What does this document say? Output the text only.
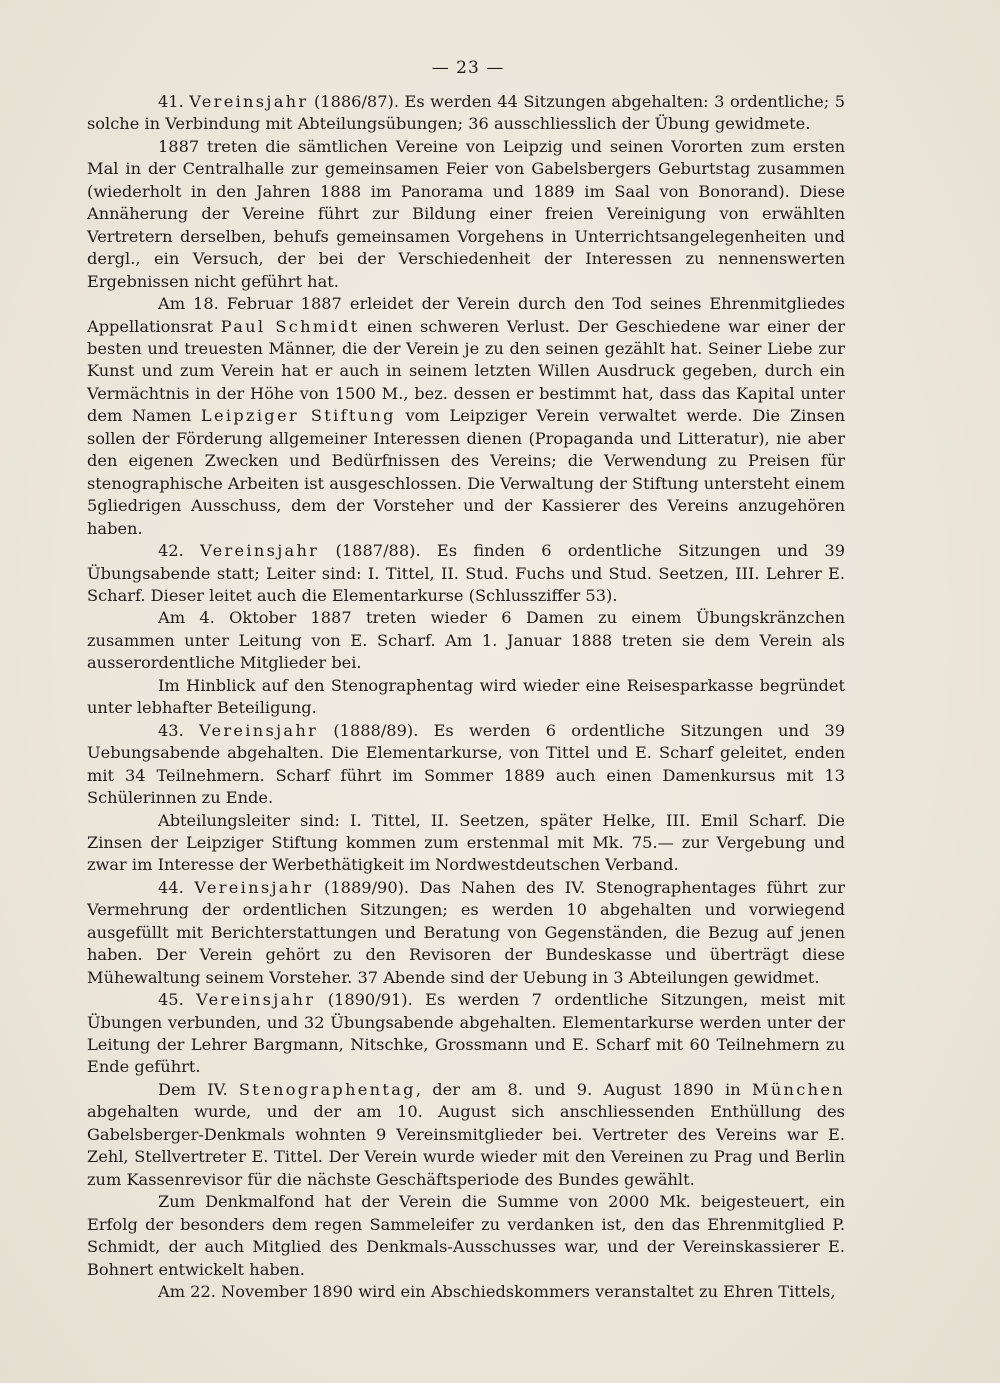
— 23 —

41. Vereinsjahr (1886/87). Es werden 44 Sitzungen abgehalten: 3 ordentliche; 5 solche in Verbindung mit Abteilungsübungen; 36 ausschliesslich der Übung gewidmete.

1887 treten die sämtlichen Vereine von Leipzig und seinen Vororten zum ersten Mal in der Centralhalle zur gemeinsamen Feier von Gabelsbergers Geburtstag zusammen (wiederholt in den Jahren 1888 im Panorama und 1889 im Saal von Bonorand). Diese Annäherung der Vereine führt zur Bildung einer freien Vereinigung von erwählten Vertretern derselben, behufs gemeinsamen Vorgehens in Unterrichtsangelegenheiten und dergl., ein Versuch, der bei der Verschiedenheit der Interessen zu nennenswerten Ergebnissen nicht geführt hat.

Am 18. Februar 1887 erleidet der Verein durch den Tod seines Ehrenmitgliedes Appellationsrat Paul Schmidt einen schweren Verlust. Der Geschiedene war einer der besten und treuesten Männer, die der Verein je zu den seinen gezählt hat. Seiner Liebe zur Kunst und zum Verein hat er auch in seinem letzten Willen Ausdruck gegeben, durch ein Vermächtnis in der Höhe von 1500 M., bez. dessen er bestimmt hat, dass das Kapital unter dem Namen Leipziger Stiftung vom Leipziger Verein verwaltet werde. Die Zinsen sollen der Förderung allgemeiner Interessen dienen (Propaganda und Litteratur), nie aber den eigenen Zwecken und Bedürfnissen des Vereins; die Verwendung zu Preisen für stenographische Arbeiten ist ausgeschlossen. Die Verwaltung der Stiftung untersteht einem 5gliedrigen Ausschuss, dem der Vorsteher und der Kassierer des Vereins anzugehören haben.

42. Vereinsjahr (1887/88). Es finden 6 ordentliche Sitzungen und 39 Übungsabende statt; Leiter sind: I. Tittel, II. Stud. Fuchs und Stud. Seetzen, III. Lehrer E. Scharf. Dieser leitet auch die Elementarkurse (Schlussziffer 53).

Am 4. Oktober 1887 treten wieder 6 Damen zu einem Übungskränzchen zusammen unter Leitung von E. Scharf. Am 1. Januar 1888 treten sie dem Verein als ausserordentliche Mitglieder bei.

Im Hinblick auf den Stenographentag wird wieder eine Reisesparkasse begründet unter lebhafter Beteiligung.

43. Vereinsjahr (1888/89). Es werden 6 ordentliche Sitzungen und 39 Uebungsabende abgehalten. Die Elementarkurse, von Tittel und E. Scharf geleitet, enden mit 34 Teilnehmern. Scharf führt im Sommer 1889 auch einen Damenkursus mit 13 Schülerinnen zu Ende.

Abteilungsleiter sind: I. Tittel, II. Seetzen, später Helke, III. Emil Scharf. Die Zinsen der Leipziger Stiftung kommen zum erstenmal mit Mk. 75.— zur Vergebung und zwar im Interesse der Werbethätigkeit im Nordwestdeutschen Verband.

44. Vereinsjahr (1889/90). Das Nahen des IV. Stenographentages führt zur Vermehrung der ordentlichen Sitzungen; es werden 10 abgehalten und vorwiegend ausgefüllt mit Berichterstattungen und Beratung von Gegenständen, die Bezug auf jenen haben. Der Verein gehört zu den Revisoren der Bundeskasse und überträgt diese Mühewaltung seinem Vorsteher. 37 Abende sind der Uebung in 3 Abteilungen gewidmet.

45. Vereinsjahr (1890/91). Es werden 7 ordentliche Sitzungen, meist mit Übungen verbunden, und 32 Übungsabende abgehalten. Elementarkurse werden unter der Leitung der Lehrer Bargmann, Nitschke, Grossmann und E. Scharf mit 60 Teilnehmern zu Ende geführt.

Dem IV. Stenographentag, der am 8. und 9. August 1890 in München abgehalten wurde, und der am 10. August sich anschliessenden Enthüllung des Gabelsberger-Denkmals wohnten 9 Vereinsmitglieder bei. Vertreter des Vereins war E. Zehl, Stellvertreter E. Tittel. Der Verein wurde wieder mit den Vereinen zu Prag und Berlin zum Kassenrevisor für die nächste Geschäftsperiode des Bundes gewählt.

Zum Denkmalfond hat der Verein die Summe von 2000 Mk. beigesteuert, ein Erfolg der besonders dem regen Sammeleifer zu verdanken ist, den das Ehrenmitglied P. Schmidt, der auch Mitglied des Denkmals-Ausschusses war, und der Vereinskassierer E. Bohnert entwickelt haben.

Am 22. November 1890 wird ein Abschiedskommers veranstaltet zu Ehren Tittels,
